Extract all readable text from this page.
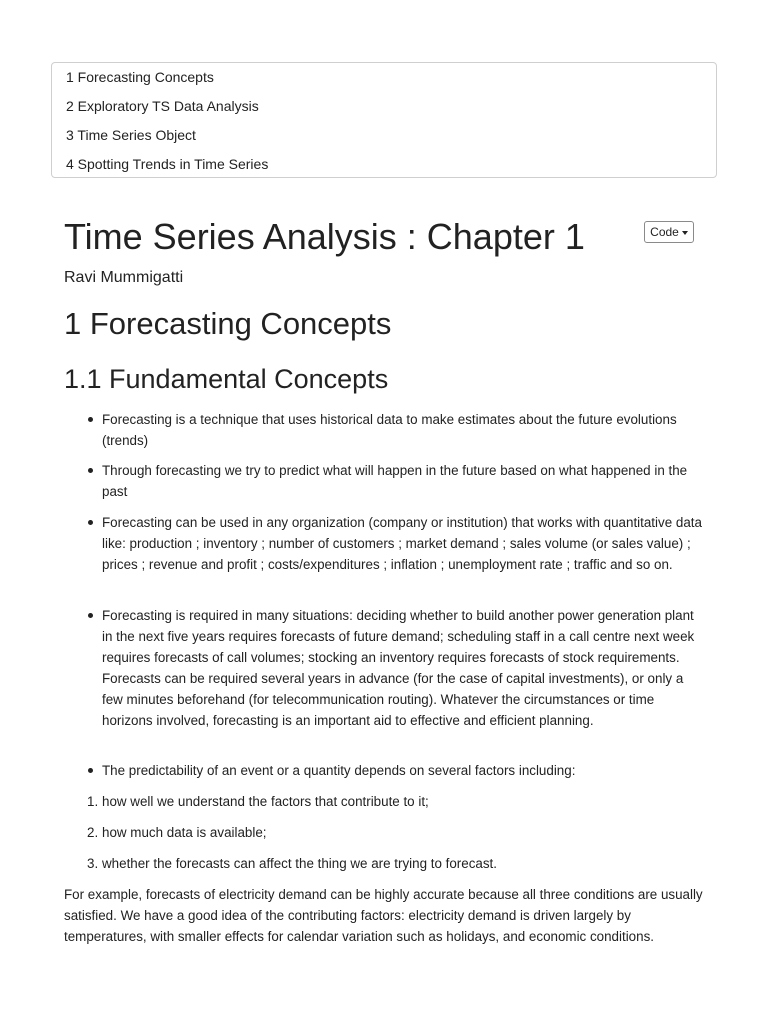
1 Forecasting Concepts
2 Exploratory TS Data Analysis
3 Time Series Object
4 Spotting Trends in Time Series
Time Series Analysis : Chapter 1	Code
Ravi Mummigatti
1 Forecasting Concepts
1.1 Fundamental Concepts
Forecasting is a technique that uses historical data to make estimates about the future evolutions (trends)
Through forecasting we try to predict what will happen in the future based on what happened in the past
Forecasting can be used in any organization (company or institution) that works with quantitative data like: production ; inventory ; number of customers ; market demand ; sales volume (or sales value) ; prices ; revenue and profit ; costs/expenditures ; inflation ; unemployment rate ; traffic and so on.
Forecasting is required in many situations: deciding whether to build another power generation plant in the next five years requires forecasts of future demand; scheduling staff in a call centre next week requires forecasts of call volumes; stocking an inventory requires forecasts of stock requirements. Forecasts can be required several years in advance (for the case of capital investments), or only a few minutes beforehand (for telecommunication routing). Whatever the circumstances or time horizons involved, forecasting is an important aid to effective and efficient planning.
The predictability of an event or a quantity depends on several factors including:
1. how well we understand the factors that contribute to it;
2. how much data is available;
3. whether the forecasts can affect the thing we are trying to forecast.

For example, forecasts of electricity demand can be highly accurate because all three conditions are usually satisfied. We have a good idea of the contributing factors: electricity demand is driven largely by temperatures, with smaller effects for calendar variation such as holidays, and economic conditions.
